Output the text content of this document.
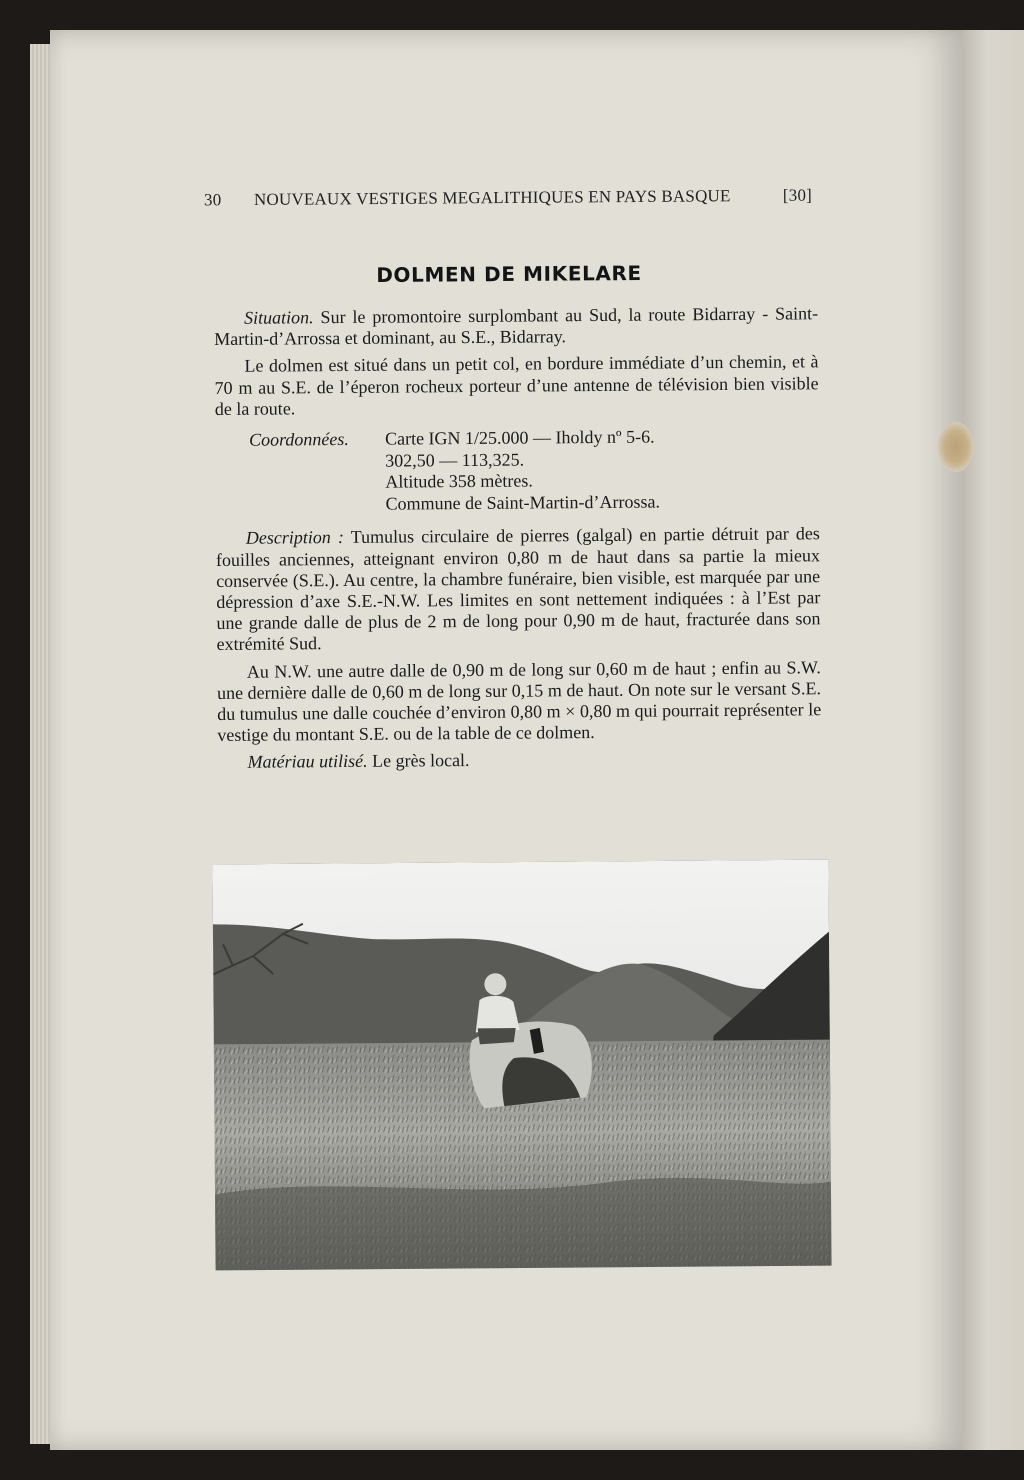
30	NOUVEAUX VESTIGES MEGALITHIQUES EN PAYS BASQUE	[30]
DOLMEN DE MIKELARE

Situation. Sur le promontoire surplombant au Sud, la route Bidarray - Saint-Martin-d’Arrossa et dominant, au S.E., Bidarray.

Le dolmen est situé dans un petit col, en bordure immédiate d’un chemin, et à 70 m au S.E. de l’éperon rocheux porteur d’une antenne de télévision bien visible de la route.

Coordonnées.	Carte IGN 1/25.000 — Iholdy nº 5-6.
302,50 — 113,325.
Altitude 358 mètres.
Commune de Saint-Martin-d’Arrossa.

Description : Tumulus circulaire de pierres (galgal) en partie détruit par des fouilles anciennes, atteignant environ 0,80 m de haut dans sa partie la mieux conservée (S.E.). Au centre, la chambre funéraire, bien visible, est marquée par une dépression d’axe S.E.-N.W. Les limites en sont nettement indiquées : à l’Est par une grande dalle de plus de 2 m de long pour 0,90 m de haut, fracturée dans son extrémité Sud.

Au N.W. une autre dalle de 0,90 m de long sur 0,60 m de haut ; enfin au S.W. une dernière dalle de 0,60 m de long sur 0,15 m de haut. On note sur le versant S.E. du tumulus une dalle couchée d’environ 0,80 m × 0,80 m qui pourrait représenter le vestige du montant S.E. ou de la table de ce dolmen.

Matériau utilisé. Le grès local.
